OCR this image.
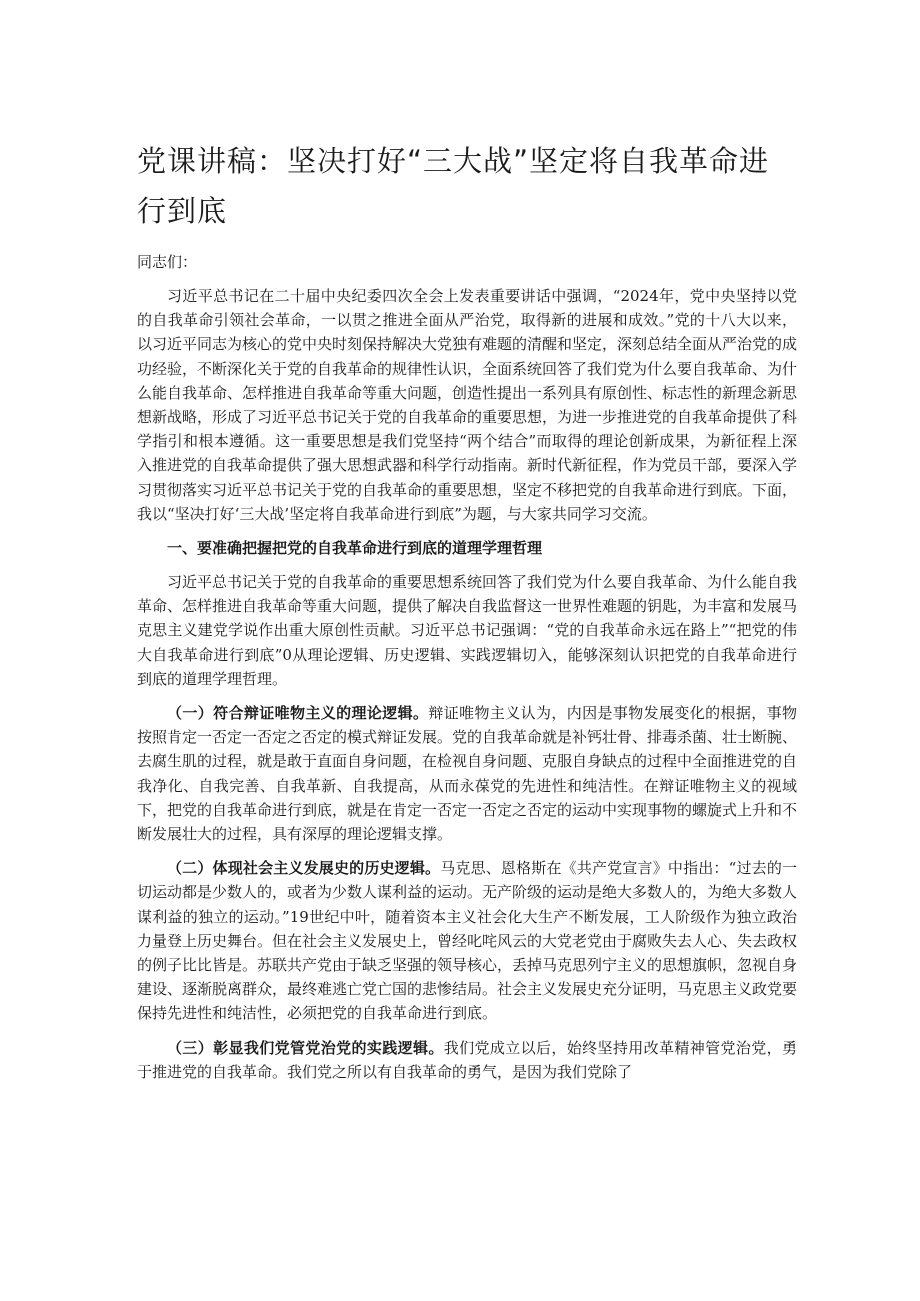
党课讲稿：坚决打好“三大战”坚定将自我革命进行到底

同志们：

习近平总书记在二十届中央纪委四次全会上发表重要讲话中强调，“2024年，党中央坚持以党的自我革命引领社会革命，一以贯之推进全面从严治党，取得新的进展和成效。”党的十八大以来，以习近平同志为核心的党中央时刻保持解决大党独有难题的清醒和坚定，深刻总结全面从严治党的成功经验，不断深化关于党的自我革命的规律性认识，全面系统回答了我们党为什么要自我革命、为什么能自我革命、怎样推进自我革命等重大问题，创造性提出一系列具有原创性、标志性的新理念新思想新战略，形成了习近平总书记关于党的自我革命的重要思想，为进一步推进党的自我革命提供了科学指引和根本遵循。这一重要思想是我们党坚持“两个结合”而取得的理论创新成果，为新征程上深入推进党的自我革命提供了强大思想武器和科学行动指南。新时代新征程，作为党员干部，要深入学习贯彻落实习近平总书记关于党的自我革命的重要思想，坚定不移把党的自我革命进行到底。下面，我以“坚决打好‘三大战’坚定将自我革命进行到底”为题，与大家共同学习交流。

一、要准确把握把党的自我革命进行到底的道理学理哲理

习近平总书记关于党的自我革命的重要思想系统回答了我们党为什么要自我革命、为什么能自我革命、怎样推进自我革命等重大问题，提供了解决自我监督这一世界性难题的钥匙，为丰富和发展马克思主义建党学说作出重大原创性贡献。习近平总书记强调：“党的自我革命永远在路上”“把党的伟大自我革命进行到底”0从理论逻辑、历史逻辑、实践逻辑切入，能够深刻认识把党的自我革命进行到底的道理学理哲理。

（一）符合辩证唯物主义的理论逻辑。辩证唯物主义认为，内因是事物发展变化的根据，事物按照肯定一否定一否定之否定的模式辩证发展。党的自我革命就是补钙壮骨、排毒杀菌、壮士断腕、去腐生肌的过程，就是敢于直面自身问题，在检视自身问题、克服自身缺点的过程中全面推进党的自我净化、自我完善、自我革新、自我提高，从而永葆党的先进性和纯洁性。在辩证唯物主义的视域下，把党的自我革命进行到底，就是在肯定一否定一否定之否定的运动中实现事物的螺旋式上升和不断发展壮大的过程，具有深厚的理论逻辑支撑。

（二）体现社会主义发展史的历史逻辑。马克思、恩格斯在《共产党宣言》中指出：“过去的一切运动都是少数人的，或者为少数人谋利益的运动。无产阶级的运动是绝大多数人的，为绝大多数人谋利益的独立的运动。”19世纪中叶，随着资本主义社会化大生产不断发展，工人阶级作为独立政治力量登上历史舞台。但在社会主义发展史上，曾经叱咤风云的大党老党由于腐败失去人心、失去政权的例子比比皆是。苏联共产党由于缺乏坚强的领导核心，丢掉马克思列宁主义的思想旗帜，忽视自身建设、逐渐脱离群众，最终难逃亡党亡国的悲惨结局。社会主义发展史充分证明，马克思主义政党要保持先进性和纯洁性，必须把党的自我革命进行到底。

（三）彰显我们党管党治党的实践逻辑。我们党成立以后，始终坚持用改革精神管党治党，勇于推进党的自我革命。我们党之所以有自我革命的勇气，是因为我们党除了
